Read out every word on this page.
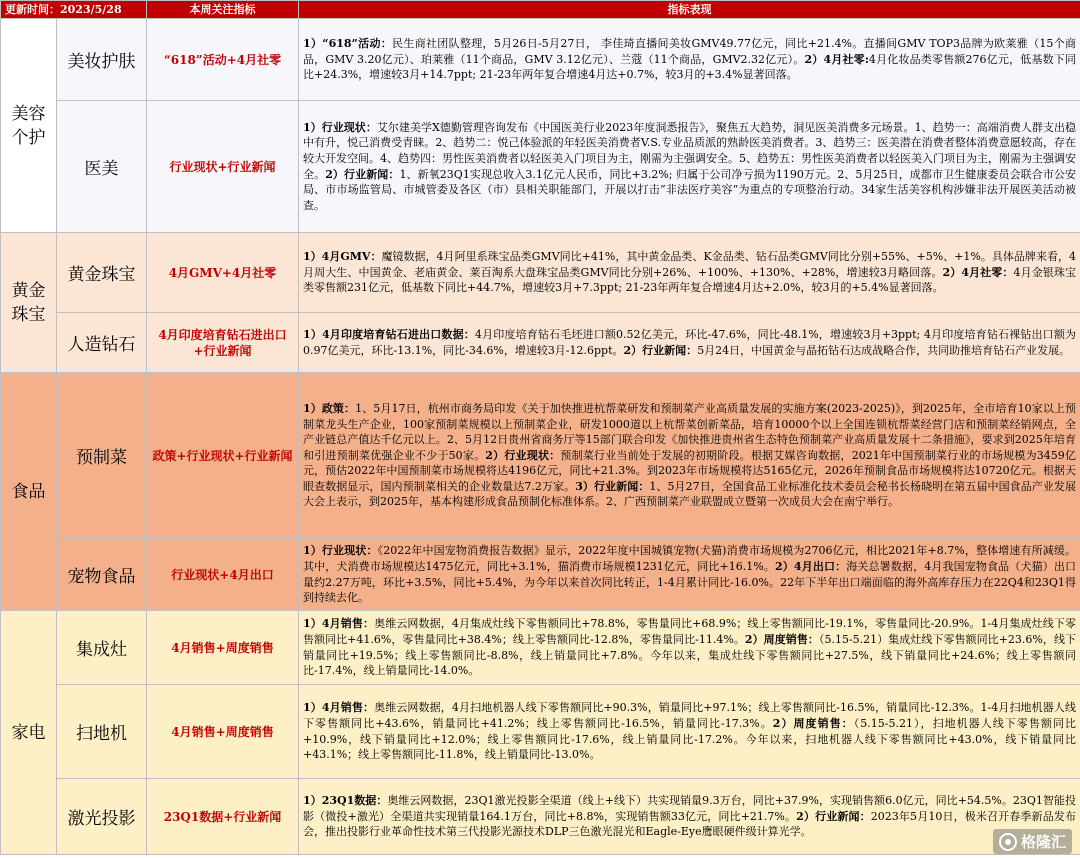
更新时间：2023/5/28		本周关注指标	指标表现
美容
个护	美妆护肤	“618”活动+4月社零	1）“618”活动：民生商社团队整理，5月26日-5月27日， 李佳琦直播间美妆GMV49.77亿元，同比+21.4%。直播间GMV TOP3品牌为欧莱雅（15个商品，GMV 3.20亿元）、珀莱雅（11个商品，GMV 3.12亿元）、兰蔻（11个商品，GMV2.32亿元）。2）4月社零:4月化妆品类零售额276亿元，低基数下同比+24.3%，增速较3月+14.7ppt; 21-23年两年复合增速4月达+0.7%，较3月的+3.4%显著回落。
	医美	行业现状+行业新闻	1）行业现状：艾尔建美学X德勤管理咨询发布《中国医美行业2023年度洞悉报告》，聚焦五大趋势，洞见医美消费多元场景。1、趋势一：高端消费人群支出稳中有升，悦己消费受青睐。2、趋势二：悦己体验派的年轻医美消费者V.S.专业品质派的熟龄医美消费者。3、趋势三：医美潜在消费者整体消费意愿较高，存在较大开发空间。4、趋势四：男性医美消费者以轻医美入门项目为主，刚需为主强调安全。5、趋势五：男性医美消费者以轻医美入门项目为主，刚需为主强调安全。2）行业新闻：1、新氧23Q1实现总收入3.1亿元人民币，同比+3.2%; 归属于公司净亏损为1190万元。2、5月25日，成都市卫生健康委员会联合市公安局、市市场监管局、市城管委及各区（市）县相关职能部门，开展以打击“非法医疗美容”为重点的专项整治行动。34家生活美容机构涉嫌非法开展医美活动被查。
黄金
珠宝	黄金珠宝	4月GMV+4月社零	1）4月GMV：魔镜数据，4月阿里系珠宝品类GMV同比+41%，其中黄金品类、K金品类、钻石品类GMV同比分别+55%、+5%、+1%。具体品牌来看，4月周大生、中国黄金、老庙黄金、莱百淘系大盘珠宝品类GMV同比分别+26%、+100%、+130%、+28%，增速较3月略回落。2）4月社零：4月金银珠宝类零售额231亿元，低基数下同比+44.7%，增速较3月+7.3ppt; 21-23年两年复合增速4月达+2.0%，较3月的+5.4%显著回落。
	人造钻石	4月印度培育钻石进出口+行业新闻	1）4月印度培育钻石进出口数据：4月印度培育钻石毛坯进口额0.52亿美元，环比-47.6%，同比-48.1%，增速较3月+3ppt; 4月印度培育钻石裸钻出口额为0.97亿美元，环比-13.1%，同比-34.6%，增速较3月-12.6ppt。2）行业新闻：5月24日，中国黄金与晶拓钻石达成战略合作，共同助推培育钻石产业发展。
食品	预制菜	政策+行业现状+行业新闻	1）政策：1、5月17日，杭州市商务局印发《关于加快推进杭帮菜研发和预制菜产业高质量发展的实施方案(2023-2025)》，到2025年，全市培育10家以上预制菜龙头生产企业，100家预制菜规模以上预制菜企业，研发1000道以上杭帮菜创新菜品，培育10000个以上全国连锁杭帮菜经营门店和预制菜经销网点，全产业链总产值达千亿元以上。2、5月12日贵州省商务厅等15部门联合印发《加快推进贵州省生态特色预制菜产业高质量发展十二条措施》，要求到2025年培育和引进预制菜优强企业不少于50家。2）行业现状：预制菜行业当前处于发展的初期阶段。根据艾媒咨询数据，2021年中国预制菜行业的市场规模为3459亿元，预估2022年中国预制菜市场规模将达4196亿元，同比+21.3%。到2023年市场规模将达5165亿元，2026年预制食品市场规模将达10720亿元。根据天眼查数据显示，国内预制菜相关的企业数量达7.2万家。3）行业新闻：1、5月27日，全国食品工业标准化技术委员会秘书长杨晓明在第五届中国食品产业发展大会上表示，到2025年，基本构建形成食品预制化标准体系。2、广西预制菜产业联盟成立暨第一次成员大会在南宁举行。
	宠物食品	行业现状+4月出口	1）行业现状：《2022年中国宠物消费报告数据》显示，2022年度中国城镇宠物(犬猫)消费市场规模为2706亿元，相比2021年+8.7%，整体增速有所减缓。其中，犬消费市场规模达1475亿元，同比+3.1%，猫消费市场规模1231亿元，同比+16.1%。2）4月出口：海关总署数据，4月我国宠物食品（犬猫）出口量约2.27万吨，环比+3.5%，同比+5.4%，为今年以来首次同比转正，1-4月累计同比-16.0%。22年下半年出口端面临的海外高库存压力在22Q4和23Q1得到持续去化。
家电	集成灶	4月销售+周度销售	1）4月销售：奥维云网数据，4月集成灶线下零售额同比+78.8%，零售量同比+68.9%；线上零售额同比-19.1%，零售量同比-20.9%。1-4月集成灶线下零售额同比+41.6%，零售量同比+38.4%；线上零售额同比-12.8%，零售量同比-11.4%。2）周度销售：（5.15-5.21）集成灶线下零售额同比+23.6%，线下销量同比+19.5%；线上零售额同比-8.8%，线上销量同比+7.8%。今年以来，集成灶线下零售额同比+27.5%，线下销量同比+24.6%；线上零售额同比-17.4%，线上销量同比-14.0%。
	扫地机	4月销售+周度销售	1）4月销售：奥维云网数据，4月扫地机器人线下零售额同比+90.3%，销量同比+97.1%；线上零售额同比-16.5%，销量同比-12.3%。1-4月扫地机器人线下零售额同比+43.6%，销量同比+41.2%；线上零售额同比-16.5%，销量同比-17.3%。2）周度销售：（5.15-5.21），扫地机器人线下零售额同比+10.9%，线下销量同比+12.0%；线上零售额同比-17.6%，线上销量同比-17.2%。今年以来，扫地机器人线下零售额同比+43.0%，线下销量同比+43.1%；线上零售额同比-11.8%，线上销量同比-13.0%。
	激光投影	23Q1数据+行业新闻	1）23Q1数据：奥维云网数据，23Q1激光投影全渠道（线上+线下）共实现销量9.3万台，同比+37.9%，实现销售额6.0亿元，同比+54.5%。23Q1智能投影（微投+激光）全渠道共实现销量164.1万台，同比+8.8%，实现销售额33亿元，同比+21.7%。2）行业新闻：2023年5月10日，极米召开春季新品发布会，推出投影行业革命性技术第三代投影光源技术DLP三色激光混光和Eagle-Eye鹰眼硬件级计算光学。
格隆汇
